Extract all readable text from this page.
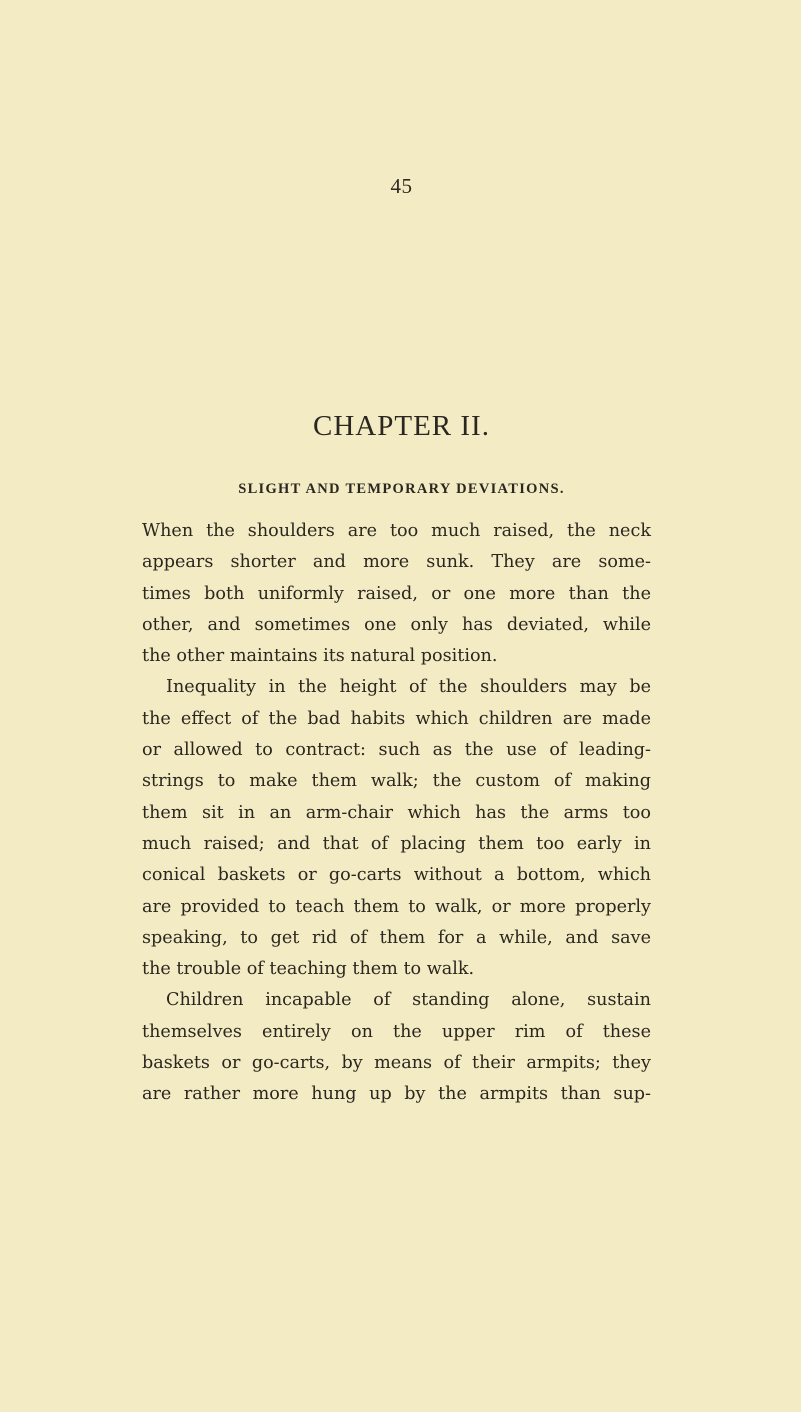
45
CHAPTER II.
SLIGHT AND TEMPORARY DEVIATIONS.
When the shoulders are too much raised, the neck
appears shorter and more sunk. They are some-
times both uniformly raised, or one more than the
other, and sometimes one only has deviated, while
the other maintains its natural position.
Inequality in the height of the shoulders may be
the effect of the bad habits which children are made
or allowed to contract: such as the use of leading-
strings to make them walk; the custom of making
them sit in an arm-chair which has the arms too
much raised; and that of placing them too early in
conical baskets or go-carts without a bottom, which
are provided to teach them to walk, or more properly
speaking, to get rid of them for a while, and save
the trouble of teaching them to walk.
Children incapable of standing alone, sustain
themselves entirely on the upper rim of these
baskets or go-carts, by means of their armpits; they
are rather more hung up by the armpits than sup-
